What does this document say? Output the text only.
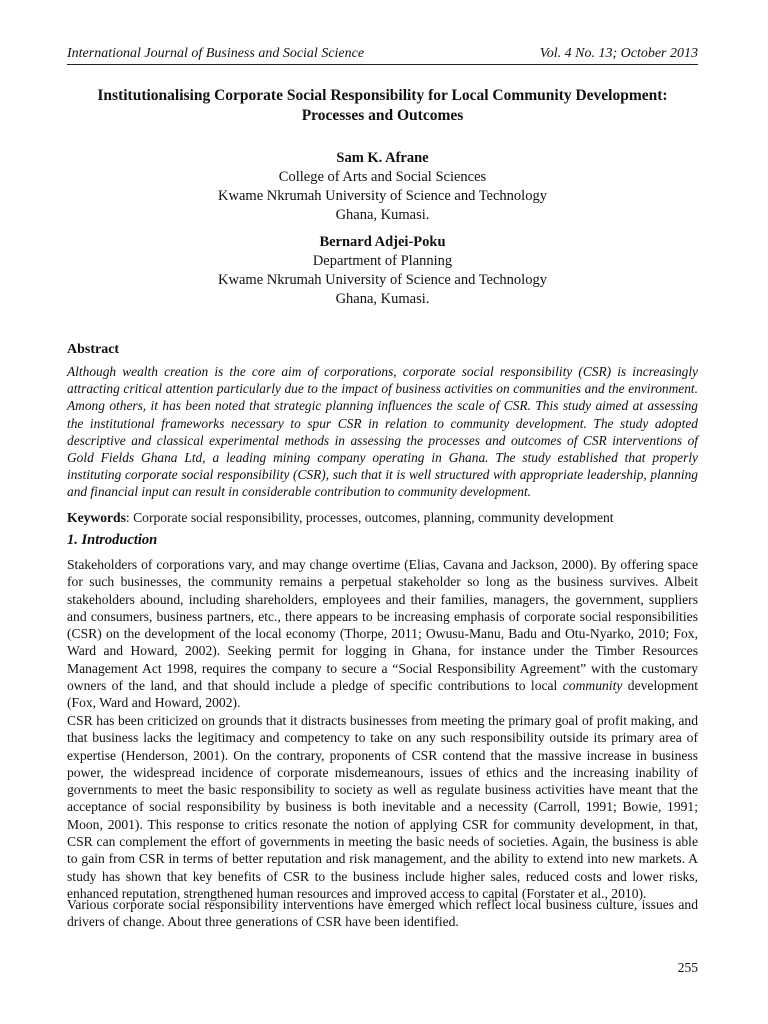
International Journal of Business and Social Science	Vol. 4 No. 13; October 2013
Institutionalising Corporate Social Responsibility for Local Community Development: Processes and Outcomes
Sam K. Afrane
College of Arts and Social Sciences
Kwame Nkrumah University of Science and Technology
Ghana, Kumasi.
Bernard Adjei-Poku
Department of Planning
Kwame Nkrumah University of Science and Technology
Ghana, Kumasi.
Abstract
Although wealth creation is the core aim of corporations, corporate social responsibility (CSR) is increasingly attracting critical attention particularly due to the impact of business activities on communities and the environment. Among others, it has been noted that strategic planning influences the scale of CSR. This study aimed at assessing the institutional frameworks necessary to spur CSR in relation to community development. The study adopted descriptive and classical experimental methods in assessing the processes and outcomes of CSR interventions of Gold Fields Ghana Ltd, a leading mining company operating in Ghana. The study established that properly instituting corporate social responsibility (CSR), such that it is well structured with appropriate leadership, planning and financial input can result in considerable contribution to community development.
Keywords: Corporate social responsibility, processes, outcomes, planning, community development
1. Introduction
Stakeholders of corporations vary, and may change overtime (Elias, Cavana and Jackson, 2000). By offering space for such businesses, the community remains a perpetual stakeholder so long as the business survives. Albeit stakeholders abound, including shareholders, employees and their families, managers, the government, suppliers and consumers, business partners, etc., there appears to be increasing emphasis of corporate social responsibilities (CSR) on the development of the local economy (Thorpe, 2011; Owusu-Manu, Badu and Otu-Nyarko, 2010; Fox, Ward and Howard, 2002). Seeking permit for logging in Ghana, for instance under the Timber Resources Management Act 1998, requires the company to secure a “Social Responsibility Agreement” with the customary owners of the land, and that should include a pledge of specific contributions to local community development (Fox, Ward and Howard, 2002).
CSR has been criticized on grounds that it distracts businesses from meeting the primary goal of profit making, and that business lacks the legitimacy and competency to take on any such responsibility outside its primary area of expertise (Henderson, 2001). On the contrary, proponents of CSR contend that the massive increase in business power, the widespread incidence of corporate misdemeanours, issues of ethics and the increasing inability of governments to meet the basic responsibility to society as well as regulate business activities have meant that the acceptance of social responsibility by business is both inevitable and a necessity (Carroll, 1991; Bowie, 1991; Moon, 2001). This response to critics resonate the notion of applying CSR for community development, in that, CSR can complement the effort of governments in meeting the basic needs of societies. Again, the business is able to gain from CSR in terms of better reputation and risk management, and the ability to extend into new markets. A study has shown that key benefits of CSR to the business include higher sales, reduced costs and lower risks, enhanced reputation, strengthened human resources and improved access to capital (Forstater et al., 2010).
Various corporate social responsibility interventions have emerged which reflect local business culture, issues and drivers of change. About three generations of CSR have been identified.
255
